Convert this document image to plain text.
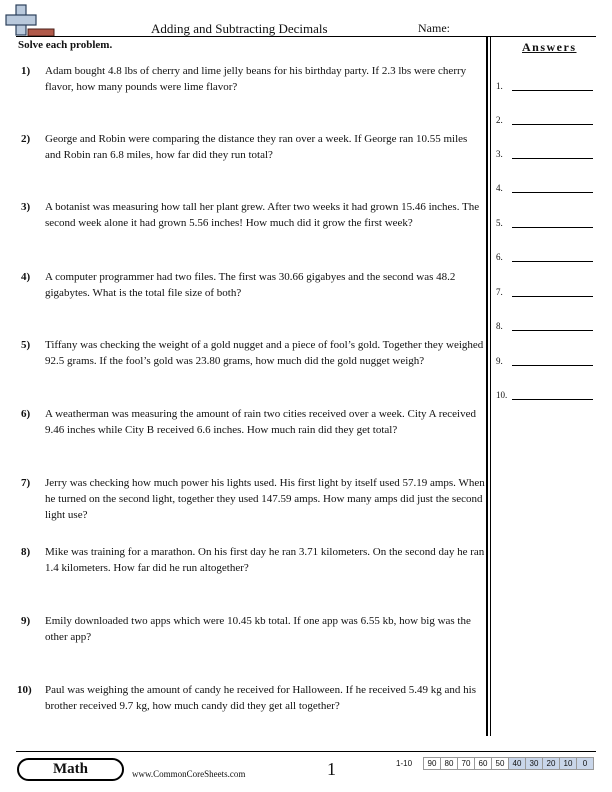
Adding and Subtracting Decimals	Name:
Solve each problem.
1)	Adam bought 4.8 lbs of cherry and lime jelly beans for his birthday party. If 2.3 lbs were cherry flavor, how many pounds were lime flavor?
2)	George and Robin were comparing the distance they ran over a week. If George ran 10.55 miles and Robin ran 6.8 miles, how far did they run total?
3)	A botanist was measuring how tall her plant grew. After two weeks it had grown 15.46 inches. The second week alone it had grown 5.56 inches! How much did it grow the first week?
4)	A computer programmer had two files. The first was 30.66 gigabyes and the second was 48.2 gigabytes. What is the total file size of both?
5)	Tiffany was checking the weight of a gold nugget and a piece of fool’s gold. Together they weighed 92.5 grams. If the fool’s gold was 23.80 grams, how much did the gold nugget weigh?
6)	A weatherman was measuring the amount of rain two cities received over a week. City A received 9.46 inches while City B received 6.6 inches. How much rain did they get total?
7)	Jerry was checking how much power his lights used. His first light by itself used 57.19 amps. When he turned on the second light, together they used 147.59 amps. How many amps did just the second light use?
8)	Mike was training for a marathon. On his first day he ran 3.71 kilometers. On the second day he ran 1.4 kilometers. How far did he run altogether?
9)	Emily downloaded two apps which were 10.45 kb total. If one app was 6.55 kb, how big was the other app?
10)	Paul was weighing the amount of candy he received for Halloween. If he received 5.49 kg and his brother received 9.7 kg, how much candy did they get all together?
Answers
1.
2.
3.
4.
5.
6.
7.
8.
9.
10.
Math	www.CommonCoreSheets.com	1	1-10	90	80	70	60	50	40	30	20	10	0
